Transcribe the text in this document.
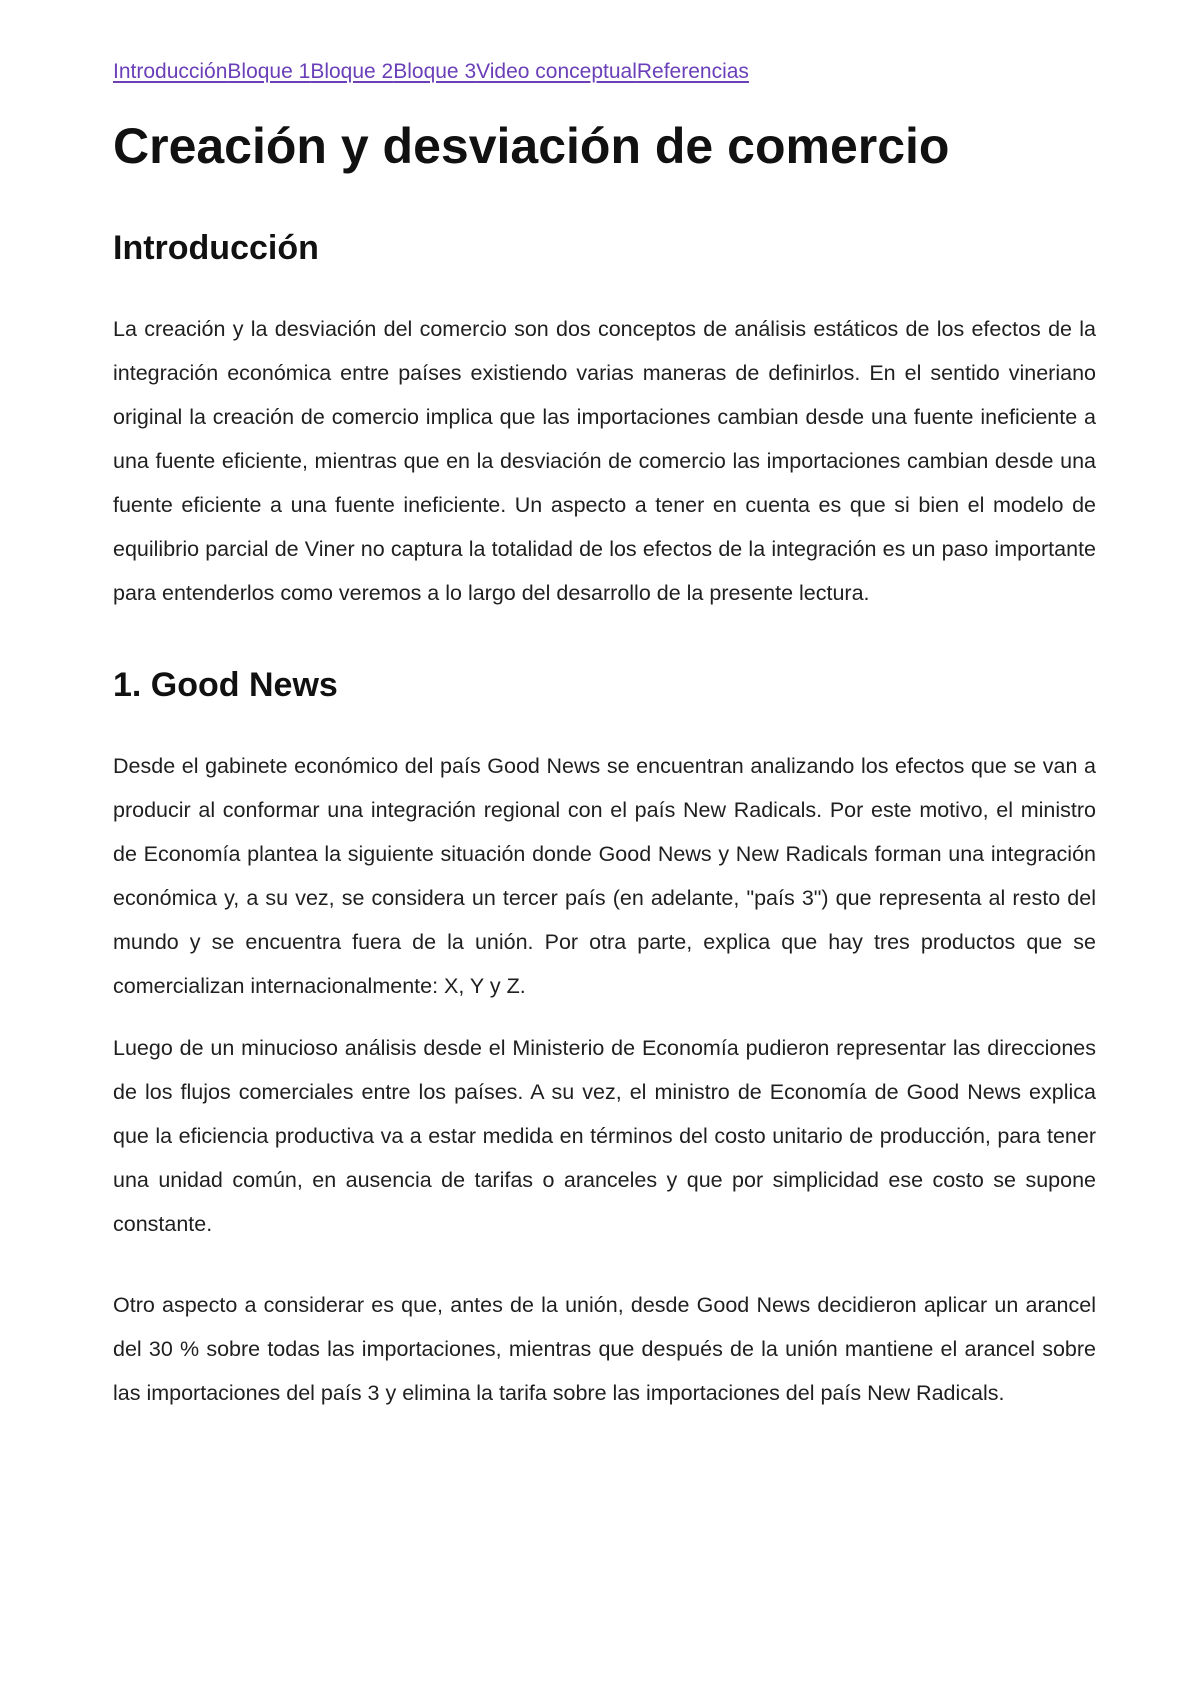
IntroducciónBloque 1Bloque 2Bloque 3Video conceptualReferencias
Creación y desviación de comercio
Introducción

La creación y la desviación del comercio son dos conceptos de análisis estáticos de los efectos de la integración económica entre países existiendo varias maneras de definirlos. En el sentido vineriano original la creación de comercio implica que las importaciones cambian desde una fuente ineficiente a una fuente eficiente, mientras que en la desviación de comercio las importaciones cambian desde una fuente eficiente a una fuente ineficiente. Un aspecto a tener en cuenta es que si bien el modelo de equilibrio parcial de Viner no captura la totalidad de los efectos de la integración es un paso importante para entenderlos como veremos a lo largo del desarrollo de la presente lectura.

1. Good News

Desde el gabinete económico del país Good News se encuentran analizando los efectos que se van a producir al conformar una integración regional con el país New Radicals. Por este motivo, el ministro de Economía plantea la siguiente situación donde Good News y New Radicals forman una integración económica y, a su vez, se considera un tercer país (en adelante, "país 3") que representa al resto del mundo y se encuentra fuera de la unión. Por otra parte, explica que hay tres productos que se comercializan internacionalmente: X, Y y Z.

Luego de un minucioso análisis desde el Ministerio de Economía pudieron representar las direcciones de los flujos comerciales entre los países. A su vez, el ministro de Economía de Good News explica que la eficiencia productiva va a estar medida en términos del costo unitario de producción, para tener una unidad común, en ausencia de tarifas o aranceles y que por simplicidad ese costo se supone constante.

Otro aspecto a considerar es que, antes de la unión, desde Good News decidieron aplicar un arancel del 30 % sobre todas las importaciones, mientras que después de la unión mantiene el arancel sobre las importaciones del país 3 y elimina la tarifa sobre las importaciones del país New Radicals.
